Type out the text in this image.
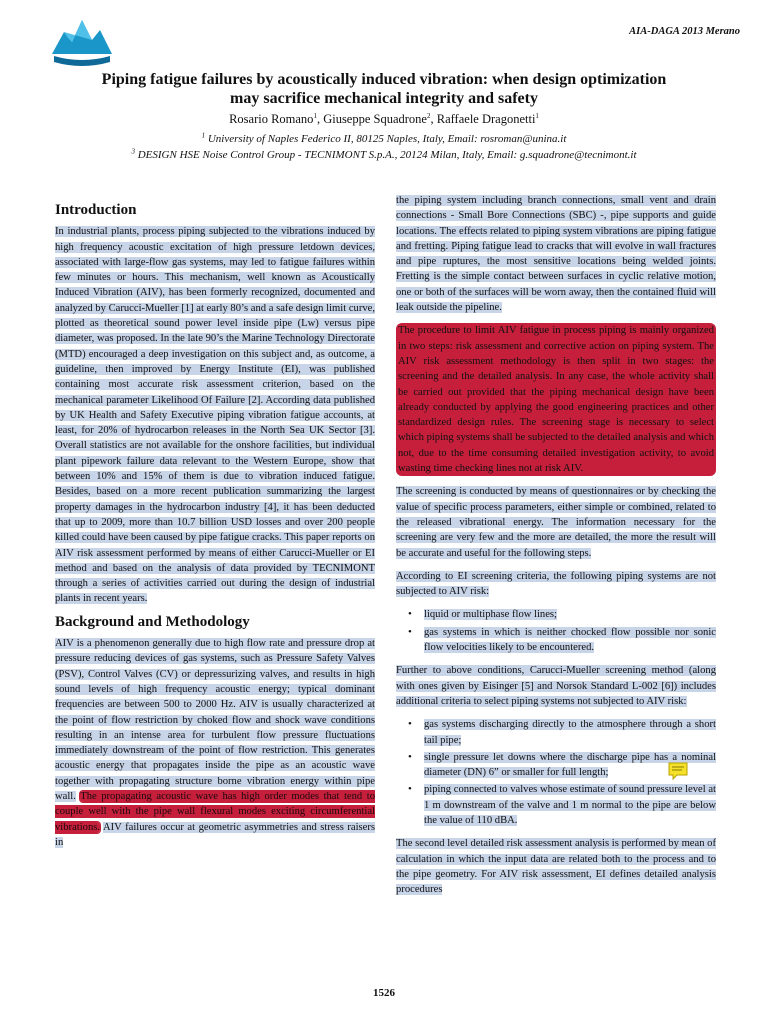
AIA-DAGA 2013 Merano
Piping fatigue failures by acoustically induced vibration: when design optimization
may sacrifice mechanical integrity and safety
Rosario Romano$^1$, Giuseppe Squadrone$^2$, Raffaele Dragonetti$^1$
$^1$ University of Naples Federico II, 80125 Naples, Italy, Email: rosroman@unina.it
$^3$ DESIGN HSE Noise Control Group - TECNIMONT S.p.A., 20124 Milan, Italy, Email: g.squadrone@tecnimont.it
Introduction

In industrial plants, process piping subjected to the vibrations induced by high frequency acoustic excitation of high pressure letdown devices, associated with large-flow gas systems, may led to fatigue failures within few minutes or hours. This mechanism, well known as Acoustically Induced Vibration (AIV), has been formerly recognized, documented and analyzed by Carucci-Mueller [1] at early 80’s and a safe design limit curve, plotted as theoretical sound power level inside pipe (Lw) versus pipe diameter, was proposed. In the late 90’s the Marine Technology Directorate (MTD) encouraged a deep investigation on this subject and, as outcome, a guideline, then improved by Energy Institute (EI), was published containing most accurate risk assessment criterion, based on the mechanical parameter Likelihood Of Failure [2]. According data published by UK Health and Safety Executive piping vibration fatigue accounts, at least, for 20% of hydrocarbon releases in the North Sea UK Sector [3]. Overall statistics are not available for the onshore facilities, but individual plant pipework failure data relevant to the Western Europe, show that between 10% and 15% of them is due to vibration induced fatigue. Besides, based on a more recent publication summarizing the largest property damages in the hydrocarbon industry [4], it has been deducted that up to 2009, more than 10.7 billion USD losses and over 200 people killed could have been caused by pipe fatigue cracks. This paper reports on AIV risk assessment performed by means of either Carucci-Mueller or EI method and based on the analysis of data provided by TECNIMONT through a series of activities carried out during the design of industrial plants in recent years.

Background and Methodology

AIV is a phenomenon generally due to high flow rate and pressure drop at pressure reducing devices of gas systems, such as Pressure Safety Valves (PSV), Control Valves (CV) or depressurizing valves, and results in high sound levels of high frequency acoustic energy; typical dominant frequencies are between 500 to 2000 Hz. AIV is usually characterized at the point of flow restriction by choked flow and shock wave conditions resulting in an intense area for turbulent flow pressure fluctuations immediately downstream of the point of flow restriction. This generates acoustic energy that propagates inside the pipe as an acoustic wave together with propagating structure borne vibration energy within pipe wall. The propagating acoustic wave has high order modes that tend to couple well with the pipe wall flexural modes exciting circumferential vibrations. AIV failures occur at geometric asymmetries and stress raisers in

the piping system including branch connections, small vent and drain connections - Small Bore Connections (SBC) -, pipe supports and guide locations. The effects related to piping system vibrations are piping fatigue and fretting. Piping fatigue lead to cracks that will evolve in wall fractures and pipe ruptures, the most sensitive locations being welded joints. Fretting is the simple contact between surfaces in cyclic relative motion, one or both of the surfaces will be worn away, then the contained fluid will leak outside the pipeline.

The procedure to limit AIV fatigue in process piping is mainly organized in two steps: risk assessment and corrective action on piping system. The AIV risk assessment methodology is then split in two stages: the screening and the detailed analysis. In any case, the whole activity shall be carried out provided that the piping mechanical design have been already conducted by applying the good engineering practices and other standardized design rules. The screening stage is necessary to select which piping systems shall be subjected to the detailed analysis and which not, due to the time consuming detailed investigation activity, to avoid wasting time checking lines not at risk AIV.

The screening is conducted by means of questionnaires or by checking the value of specific process parameters, either simple or combined, related to the released vibrational energy. The information necessary for the screening are very few and the more are detailed, the more the result will be accurate and useful for the following steps.

According to EI screening criteria, the following piping systems are not subjected to AIV risk:

• liquid or multiphase flow lines;
• gas systems in which is neither chocked flow possible nor sonic flow velocities likely to be encountered.

Further to above conditions, Carucci-Mueller screening method (along with ones given by Eisinger [5] and Norsok Standard L-002 [6]) includes additional criteria to select piping systems not subjected to AIV risk:

• gas systems discharging directly to the atmosphere through a short tail pipe;
• single pressure let downs where the discharge pipe has a nominal diameter (DN) 6” or smaller for full length;
• piping connected to valves whose estimate of sound pressure level at 1 m downstream of the valve and 1 m normal to the pipe are below the value of 110 dBA.

The second level detailed risk assessment analysis is performed by mean of calculation in which the input data are related both to the process and to the pipe geometry. For AIV risk assessment, EI defines detailed analysis procedures

1526
